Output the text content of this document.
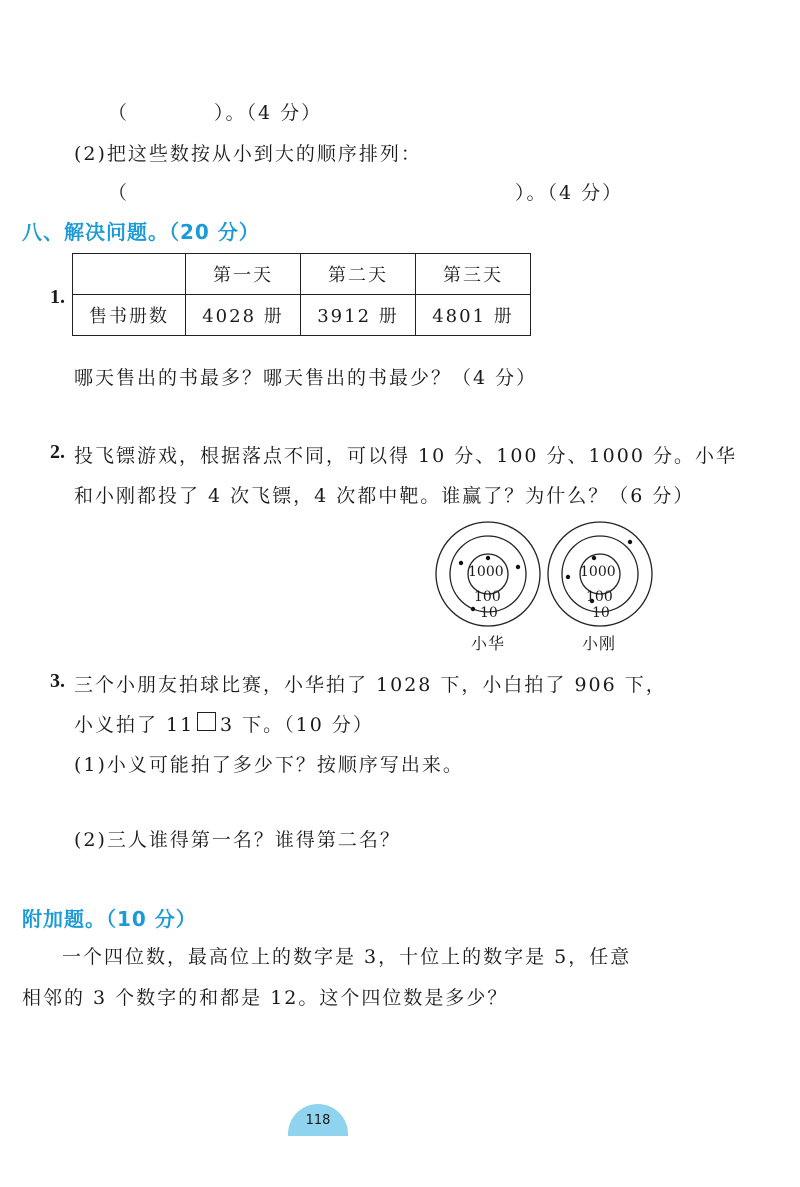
（	）。（4 分）
(2)把这些数按从小到大的顺序排列：
（	）。（4 分）
八、解决问题。（20 分）
1.
	第一天	第二天	第三天
售书册数	4028 册	3912 册	4801 册
哪天售出的书最多？哪天售出的书最少？（4 分）
2. 投飞镖游戏，根据落点不同，可以得 10 分、100 分、1000 分。小华
和小刚都投了 4 次飞镖，4 次都中靶。谁赢了？为什么？（6 分）
1000
100
10
小华
1000
100
10
小刚
3. 三个小朋友拍球比赛，小华拍了 1028 下，小白拍了 906 下，
小义拍了 11 3 下。（10 分）
(1)小义可能拍了多少下？按顺序写出来。
(2)三人谁得第一名？谁得第二名？
附加题。（10 分）
一个四位数，最高位上的数字是 3，十位上的数字是 5，任意
相邻的 3 个数字的和都是 12。这个四位数是多少？
118
